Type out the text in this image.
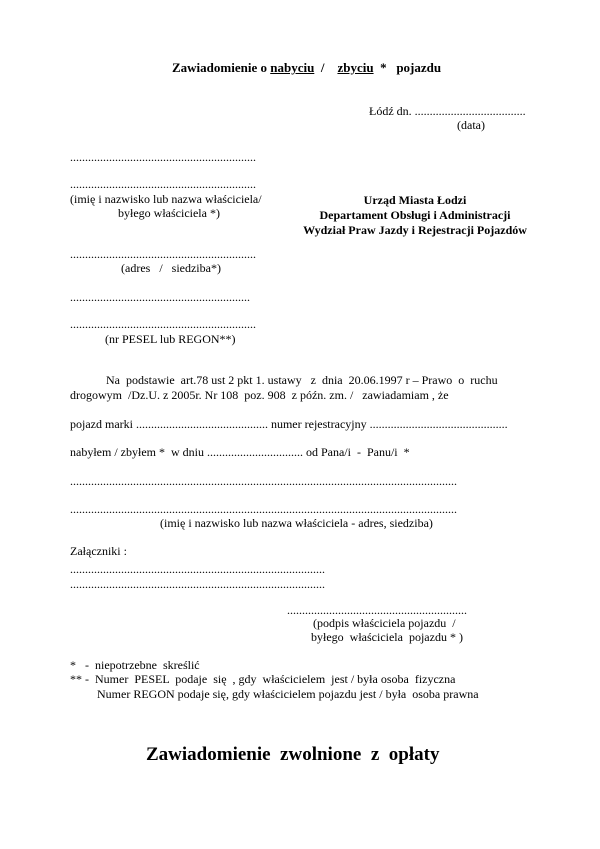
Zawiadomienie o nabyciu  /    zbyciu  *   pojazdu
Łódź dn. .....................................
(data)
..............................................................
..............................................................
(imię i nazwisko lub nazwa właściciela/
byłego właściciela *)
Urząd Miasta Łodzi
Departament Obsługi i Administracji
Wydział Praw Jazdy i Rejestracji Pojazdów
..............................................................
(adres   /   siedziba*)
............................................................
..............................................................
(nr PESEL lub REGON**)
Na  podstawie  art.78 ust 2 pkt 1. ustawy   z  dnia  20.06.1997 r – Prawo  o  ruchu
drogowym  /Dz.U. z 2005r. Nr 108  poz. 908  z późn. zm. /   zawiadamiam , że
pojazd marki ............................................ numer rejestracyjny ..............................................
nabyłem / zbyłem *  w dniu ................................ od Pana/i  -  Panu/i  *
.................................................................................................................................
.................................................................................................................................
(imię i nazwisko lub nazwa właściciela - adres, siedziba)
Załączniki :
.....................................................................................
.....................................................................................
............................................................
(podpis właściciela pojazdu  /
byłego  właściciela  pojazdu * )
*   -  niepotrzebne  skreślić
** -  Numer  PESEL  podaje  się  , gdy  właścicielem  jest / była osoba  fizyczna
Numer REGON podaje się, gdy właścicielem pojazdu jest / była  osoba prawna
Zawiadomienie  zwolnione  z  opłaty
